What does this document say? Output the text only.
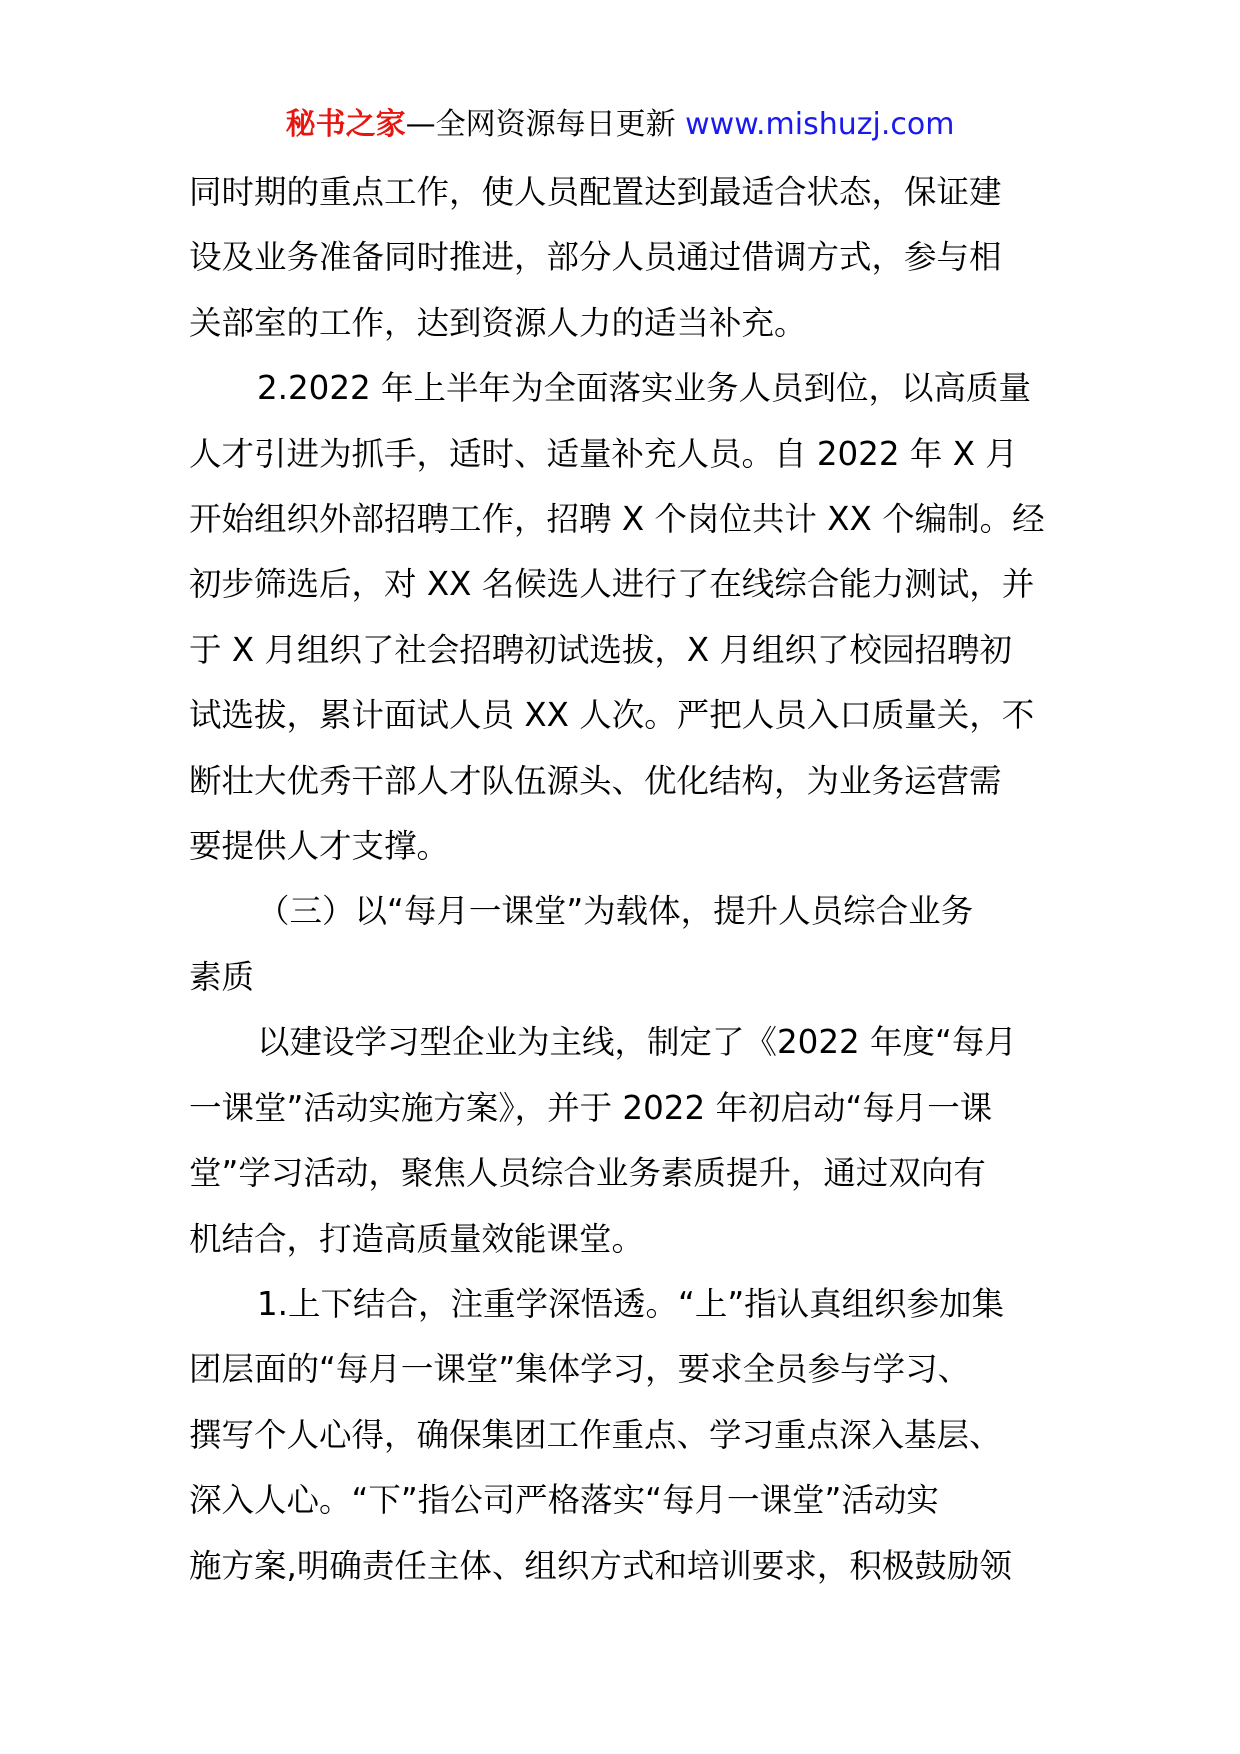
秘书之家—全网资源每日更新 www.mishuzj.com
同时期的重点工作，使人员配置达到最适合状态，保证建
设及业务准备同时推进，部分人员通过借调方式，参与相
关部室的工作，达到资源人力的适当补充。
2.2022 年上半年为全面落实业务人员到位，以高质量
人才引进为抓手，适时、适量补充人员。自 2022 年 X 月
开始组织外部招聘工作，招聘 X 个岗位共计 XX 个编制。经
初步筛选后，对 XX 名候选人进行了在线综合能力测试，并
于 X 月组织了社会招聘初试选拔，X 月组织了校园招聘初
试选拔，累计面试人员 XX 人次。严把人员入口质量关，不
断壮大优秀干部人才队伍源头、优化结构，为业务运营需
要提供人才支撑。
（三）以“每月一课堂”为载体，提升人员综合业务
素质
以建设学习型企业为主线，制定了《2022 年度“每月
一课堂”活动实施方案》，并于 2022 年初启动“每月一课
堂”学习活动，聚焦人员综合业务素质提升，通过双向有
机结合，打造高质量效能课堂。
1.上下结合，注重学深悟透。“上”指认真组织参加集
团层面的“每月一课堂”集体学习，要求全员参与学习、
撰写个人心得，确保集团工作重点、学习重点深入基层、
深入人心。“下”指公司严格落实“每月一课堂”活动实
施方案,明确责任主体、组织方式和培训要求，积极鼓励领
